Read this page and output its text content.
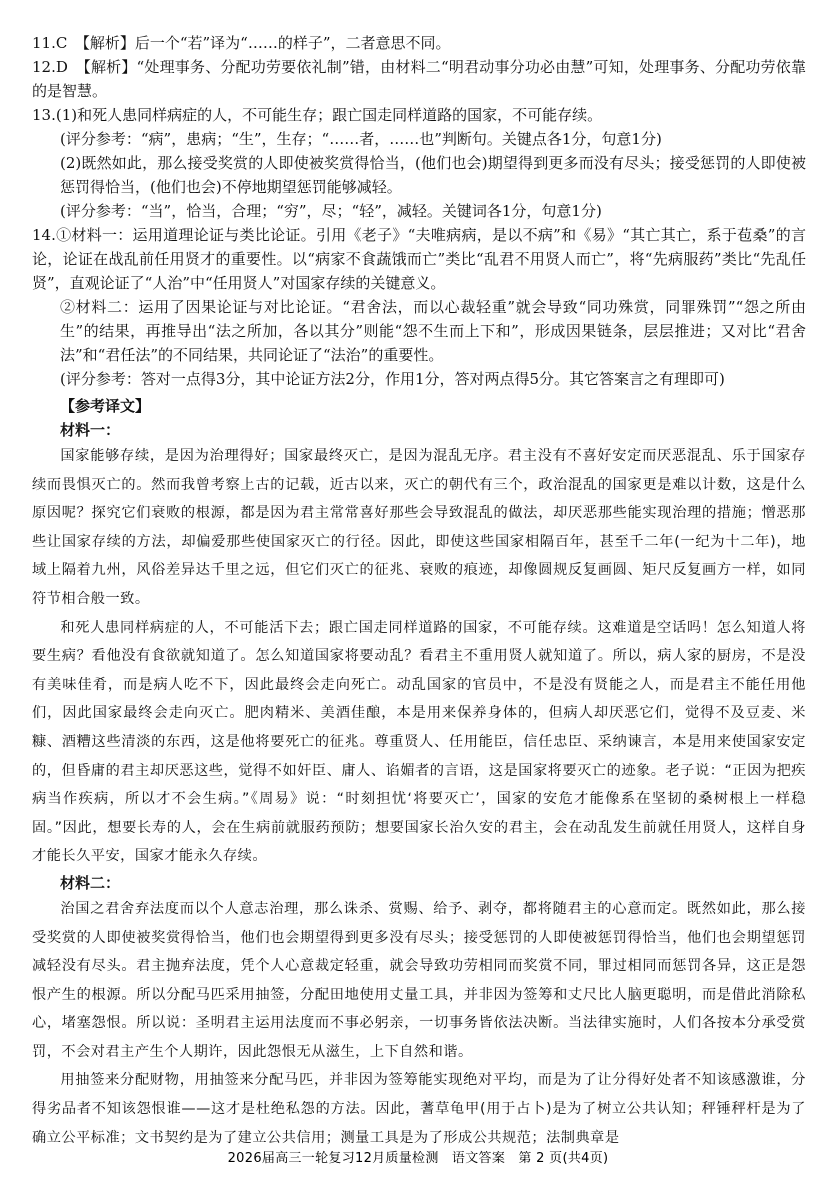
11.C　【解析】后一个“若”译为“……的样子”，二者意思不同。

12.D　【解析】“处理事务、分配功劳要依礼制”错，由材料二“明君动事分功必由慧”可知，处理事务、分配功劳依靠的是智慧。

13.(1)和死人患同样病症的人，不可能生存；跟亡国走同样道路的国家，不可能存续。

(评分参考：“病”，患病；“生”，生存；“……者，……也”判断句。关键点各1分，句意1分)

(2)既然如此，那么接受奖赏的人即使被奖赏得恰当，(他们也会)期望得到更多而没有尽头；接受惩罚的人即使被惩罚得恰当，(他们也会)不停地期望惩罚能够减轻。

(评分参考：“当”，恰当，合理；“穷”，尽；“轻”，减轻。关键词各1分，句意1分)

14.①材料一：运用道理论证与类比论证。引用《老子》“夫唯病病，是以不病”和《易》“其亡其亡，系于苞桑”的言论，论证在战乱前任用贤才的重要性。以“病家不食蔬饿而亡”类比“乱君不用贤人而亡”，将“先病服药”类比“先乱任贤”，直观论证了“人治”中“任用贤人”对国家存续的关键意义。

②材料二：运用了因果论证与对比论证。“君舍法，而以心裁轻重”就会导致“同功殊赏，同罪殊罚”“怨之所由生”的结果，再推导出“法之所加，各以其分”则能“怨不生而上下和”，形成因果链条，层层推进；又对比“君舍法”和“君任法”的不同结果，共同论证了“法治”的重要性。

(评分参考：答对一点得3分，其中论证方法2分，作用1分，答对两点得5分。其它答案言之有理即可)

【参考译文】

材料一：

国家能够存续，是因为治理得好；国家最终灭亡，是因为混乱无序。君主没有不喜好安定而厌恶混乱、乐于国家存续而畏惧灭亡的。然而我曾考察上古的记载，近古以来，灭亡的朝代有三个，政治混乱的国家更是难以计数，这是什么原因呢？探究它们衰败的根源，都是因为君主常常喜好那些会导致混乱的做法，却厌恶那些能实现治理的措施；憎恶那些让国家存续的方法，却偏爱那些使国家灭亡的行径。因此，即使这些国家相隔百年，甚至千二年(一纪为十二年)，地域上隔着九州，风俗差异达千里之远，但它们灭亡的征兆、衰败的痕迹，却像圆规反复画圆、矩尺反复画方一样，如同符节相合般一致。

和死人患同样病症的人，不可能活下去；跟亡国走同样道路的国家，不可能存续。这难道是空话吗！怎么知道人将要生病？看他没有食欲就知道了。怎么知道国家将要动乱？看君主不重用贤人就知道了。所以，病人家的厨房，不是没有美味佳肴，而是病人吃不下，因此最终会走向死亡。动乱国家的官员中，不是没有贤能之人，而是君主不能任用他们，因此国家最终会走向灭亡。肥肉精米、美酒佳酿，本是用来保养身体的，但病人却厌恶它们，觉得不及豆麦、米糠、酒糟这些清淡的东西，这是他将要死亡的征兆。尊重贤人、任用能臣，信任忠臣、采纳谏言，本是用来使国家安定的，但昏庸的君主却厌恶这些，觉得不如奸臣、庸人、谄媚者的言语，这是国家将要灭亡的迹象。老子说：“正因为把疾病当作疾病，所以才不会生病。”《周易》说：“时刻担忧‘将要灭亡’，国家的安危才能像系在坚韧的桑树根上一样稳固。”因此，想要长寿的人，会在生病前就服药预防；想要国家长治久安的君主，会在动乱发生前就任用贤人，这样自身才能长久平安，国家才能永久存续。

材料二：

治国之君舍弃法度而以个人意志治理，那么诛杀、赏赐、给予、剥夺，都将随君主的心意而定。既然如此，那么接受奖赏的人即使被奖赏得恰当，他们也会期望得到更多没有尽头；接受惩罚的人即使被惩罚得恰当，他们也会期望惩罚减轻没有尽头。君主抛弃法度，凭个人心意裁定轻重，就会导致功劳相同而奖赏不同，罪过相同而惩罚各异，这正是怨恨产生的根源。所以分配马匹采用抽签，分配田地使用丈量工具，并非因为签筹和丈尺比人脑更聪明，而是借此消除私心，堵塞怨恨。所以说：圣明君主运用法度而不事必躬亲，一切事务皆依法决断。当法律实施时，人们各按本分承受赏罚，不会对君主产生个人期许，因此怨恨无从滋生，上下自然和谐。

用抽签来分配财物，用抽签来分配马匹，并非因为签筹能实现绝对平均，而是为了让分得好处者不知该感激谁，分得劣品者不知该怨恨谁——这才是杜绝私怨的方法。因此，蓍草龟甲(用于占卜)是为了树立公共认知；秤锤秤杆是为了确立公平标准；文书契约是为了建立公共信用；测量工具是为了形成公共规范；法制典章是

2026届高三一轮复习12月质量检测　语文答案　第 2 页(共4页)
